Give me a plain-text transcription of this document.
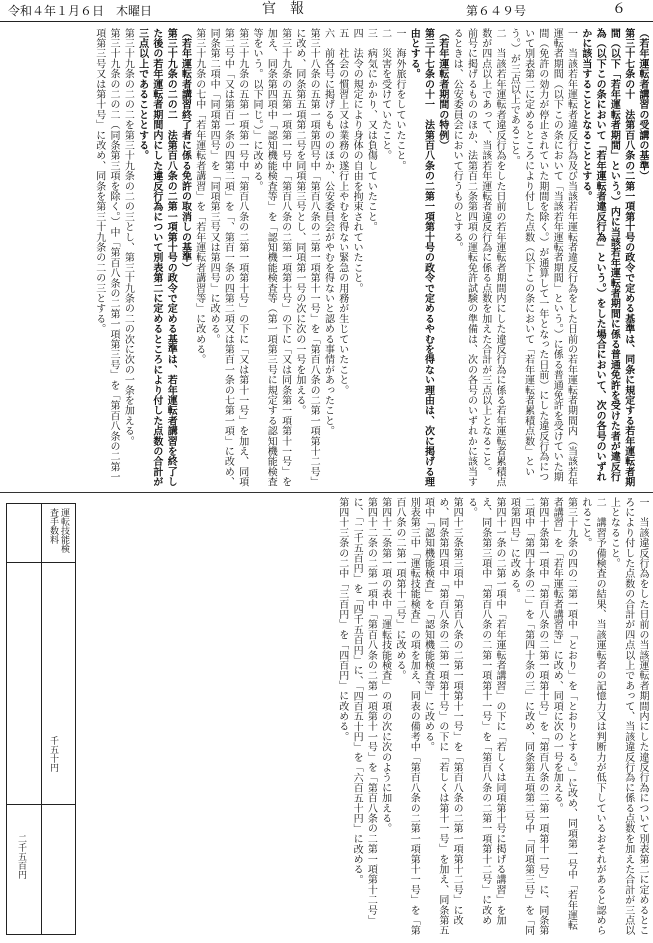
令和４年１月６日　木曜日	官報	第６４９号	６

（若年運転者講習の受講の基準）

第三十七条の十　法第百八条の二第一項第十号の政令で定める基準は、同条に規定する若年運転者期間（以下「若年運転者期間」という。）内に当該若年運転者期間に係る普通免許を受けた者が違反行為（以下この条において「若年運転者違反行為」という。）をした場合において、次の各号のいずれかに該当することとなることとする。

一　当該若年運転者違反行為及び当該若年運転者違反行為をした日前の若年運転者期間内（当該若年運転者期間（以下この条において「当該若年運転者期間」という。）に係る普通免許を受けていた期間（免許の効力が停止されていた期間を除く。）が通算して一年となった日前）にした違反行為について別表第二に定めるところにより付した点数（以下この条において「若年運転者累積点数」という。）が三点以上であること。

二　当該若年運転者違反行為をした日前の若年運転者期間内にした違反行為に係る若年運転者累積点数が四点以上であって、当該若年運転者違反行為に係る点数を加えた合計が三点以上となること。

前号に掲げるもののほか、法第百二条第四項の運転免許試験の準備は、次の各号のいずれかに該当するときは、公安委員会において行うものとする。

（若年運転者期間の特例）

第三十七条の十一　法第百八条の二第一項第十号の政令で定めるやむを得ない理由は、次に掲げる理由とする。

一　海外旅行をしていたこと。

二　災害を受けていたこと。

三　病気にかかり、又は負傷していたこと。

四　法令の規定により身体の自由を拘束されていたこと。

五　社会の慣習上又は業務の遂行上やむを得ない緊急の用務が生じていたこと。

六　前各号に掲げるもののほか、公安委員会がやむを得ないと認める事情があったこと。

第三十八条の五第一項第四号中「第百八条の二第一項第十一号」を「第百八条の二第一項第十二号」に改め、同条第五項第二号を同項第三号とし、同項第一号の次に次の一号を加える。

第三十九条の五第一項第一号中「第百八条の二第一項第十号」の下に「又は同条第一項第十一号」を加え、同条第四項中「認知機能検査等」を「認知機能検査等（第一項第三号に規定する認知機能検査等をいう。以下同じ。）」に改める。

第三十九条の五第一項第一号中「第百八条の二第一項第十号」の下に「又は第十一号」を加え、同項第二号中「又は第百一条の四第二項」を「、第百一条の四第二項又は第百一条の七第一項」に改め、同条第二項中「同項第四号」を「同項第三号又は第四号」に改める。

第三十九条の七中「若年運転者講習」を「若年運転者講習等」に改める。

（若年運転者講習終了者に係る免許の取消しの基準）

第三十九条の二の二　法第百八条の二第一項第十号の政令で定める基準は、若年運転者講習を終了した後の若年運転者期間内にした違反行為について別表第二に定めるところにより付した点数の合計が三点以上であることとする。

第三十九条の二の二を第三十九条の二の三とし、第三十九条の二の次に次の一条を加える。

第三十九条の二の二（同条第三項を除く。）中「第百八条の二第一項第三号」を「第百八条の二第一項第三号又は第十号」に改め、同条を第三十九条の二の三とする。

一　当該違反行為をした日前の当該運転者期間内にした違反行為について別表第二に定めるところにより付した点数の合計が四点以上であって、当該違反行為に係る点数を加えた合計が三点以上となること。

二　講習予備検査の結果、当該運転者の記憶力又は判断力が低下しているおそれがあると認められること。

第三十九条の四の二第一項中「とおり」を「とおりとする。」に改め、同項第一号中「若年運転者講習」を「若年運転者講習等」に改め、同項に次の一号を加える。

第四十条第一項中「第百八条の二第一項第十号」を「第百八条の二第一項第十一号」に、同条第二項中「第四十条の二」を「第四十条の三」に改め、同条第五項第二号中「同項第三号」を「同項第四号」に改める。

第四十一条の二第一項中「若年運転者講習」の下に「若しくは同項第十号に掲げる講習」を加え、同条第三項中「第百八条の二第一項第十一号」を「第百八条の二第一項第十二号」に改める。

第四十三条第三項中「第百八条の二第一項第十一号」を「第百八条の二第一項第十二号」に改め、同条第四項中「第百八条の二第一項第十号」の下に「若しくは第十一号」を加え、同条第五項中「認知機能検査」を「認知機能検査等」に改める。

別表第三中「運転技能検査」の項を加え、同表の備考中「第百八条の二第一項第十一号」を「第百八条の二第一項第十二号」に改める。

第四十二条第一項の表中「運転技能検査」の項の次に次のように加える。

第四十二条の二第一項中「第百八条の二第一項第十一号」を「第百八条の二第一項第十二号」に、「二千五百円」を「四千五百円」に、「四百五十円」を「六百五十円」に改める。

第四十三条の二中「三百円」を「四百円」に改める。

運転技能検査手数料
千五十円
二千五百円
